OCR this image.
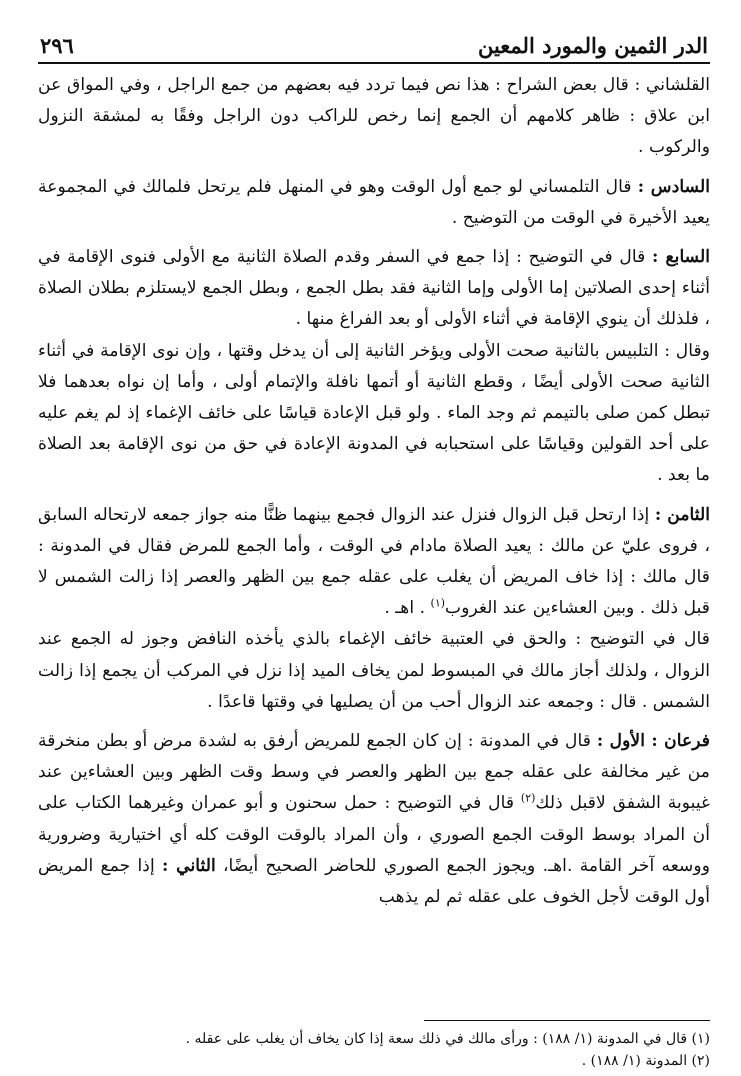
الدر الثمين والمورد المعين
٢٩٦

القلشاني : قال بعض الشراح : هذا نص فيما تردد فيه بعضهم من جمع الراجل ، وفي المواق عن ابن علاق : ظاهر كلامهم أن الجمع إنما رخص للراكب دون الراجل وفقًا به لمشقة النزول والركوب .

السادس : قال التلمساني لو جمع أول الوقت وهو في المنهل فلم يرتحل فلمالك في المجموعة يعيد الأخيرة في الوقت من التوضيح .

السابع : قال في التوضيح : إذا جمع في السفر وقدم الصلاة الثانية مع الأولى فنوى الإقامة في أثناء إحدى الصلاتين إما الأولى وإما الثانية فقد بطل الجمع ، وبطل الجمع لايستلزم بطلان الصلاة ، فلذلك أن ينوي الإقامة في أثناء الأولى أو بعد الفراغ منها .

وقال : التلبيس بالثانية صحت الأولى ويؤخر الثانية إلى أن يدخل وقتها ، وإن نوى الإقامة في أثناء الثانية صحت الأولى أيضًا ، وقطع الثانية أو أتمها نافلة والإتمام أولى ، وأما إن نواه بعدهما فلا تبطل كمن صلى بالتيمم ثم وجد الماء . ولو قبل الإعادة قياسًا على خائف الإغماء إذ لم يغم عليه على أحد القولين وقياسًا على استحبابه في المدونة الإعادة في حق من نوى الإقامة بعد الصلاة ما بعد .

الثامن : إذا ارتحل قبل الزوال فنزل عند الزوال فجمع بينهما ظنًّا منه جواز جمعه لارتحاله السابق ، فروى عليّ عن مالك : يعيد الصلاة مادام في الوقت ، وأما الجمع للمرض فقال في المدونة : قال مالك : إذا خاف المريض أن يغلب على عقله جمع بين الظهر والعصر إذا زالت الشمس لا قبل ذلك . وبين العشاءين عند الغروب$^{(١)}$ . اهـ .

قال في التوضيح : والحق في العتبية خائف الإغماء بالذي يأخذه النافض وجوز له الجمع عند الزوال ، ولذلك أجاز مالك في المبسوط لمن يخاف الميد إذا نزل في المركب أن يجمع إذا زالت الشمس . قال : وجمعه عند الزوال أحب من أن يصليها في وقتها قاعدًا .

فرعان : الأول : قال في المدونة : إن كان الجمع للمريض أرفق به لشدة مرض أو بطن منخرقة من غير مخالفة على عقله جمع بين الظهر والعصر في وسط وقت الظهر وبين العشاءين عند غيبوبة الشفق لاقبل ذلك$^{(٢)}$ قال في التوضيح : حمل سحنون و أبو عمران وغيرهما الكتاب على أن المراد بوسط الوقت الجمع الصوري ، وأن المراد بالوقت الوقت كله أي اختيارية وضرورية ووسعه آخر القامة .اهـ. ويجوز الجمع الصوري للحاضر الصحيح أيضًا، الثاني : إذا جمع المريض أول الوقت لأجل الخوف على عقله ثم لم يذهب

(١) قال في المدونة (١/ ١٨٨) : ورأى مالك في ذلك سعة إذا كان يخاف أن يغلب على عقله .

(٢) المدونة (١/ ١٨٨) .
